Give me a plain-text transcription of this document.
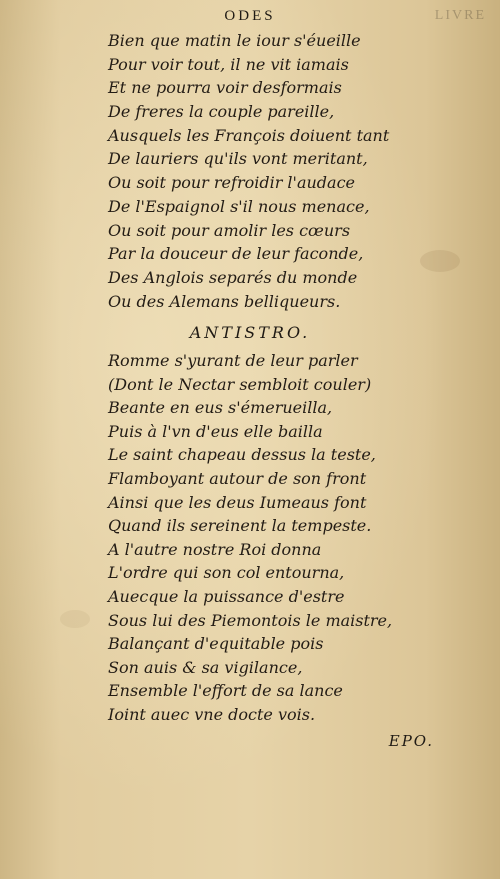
ODES	LIVRE
Bien que matin le iour s'éueille
Pour voir tout, il ne vit iamais
Et ne pourra voir desformais
De freres la couple pareille,
Ausquels les François doiuent tant
De lauriers qu'ils vont meritant,
Ou soit pour refroidir l'audace
De l'Espaignol s'il nous menace,
Ou soit pour amolir les cœurs
Par la douceur de leur faconde,
Des Anglois separés du monde
Ou des Alemans belliqueurs.
ANTISTRO.
Romme s'yurant de leur parler
(Dont le Nectar sembloit couler)
Beante en eus s'émerueilla,
Puis à l'vn d'eus elle bailla
Le saint chapeau dessus la teste,
Flamboyant autour de son front
Ainsi que les deus Iumeaus font
Quand ils sereinent la tempeste.
A l'autre nostre Roi donna
L'ordre qui son col entourna,
Auecque la puissance d'estre
Sous lui des Piemontois le maistre,
Balançant d'equitable pois
Son auis & sa vigilance,
Ensemble l'effort de sa lance
Ioint auec vne docte vois.
EPO.
